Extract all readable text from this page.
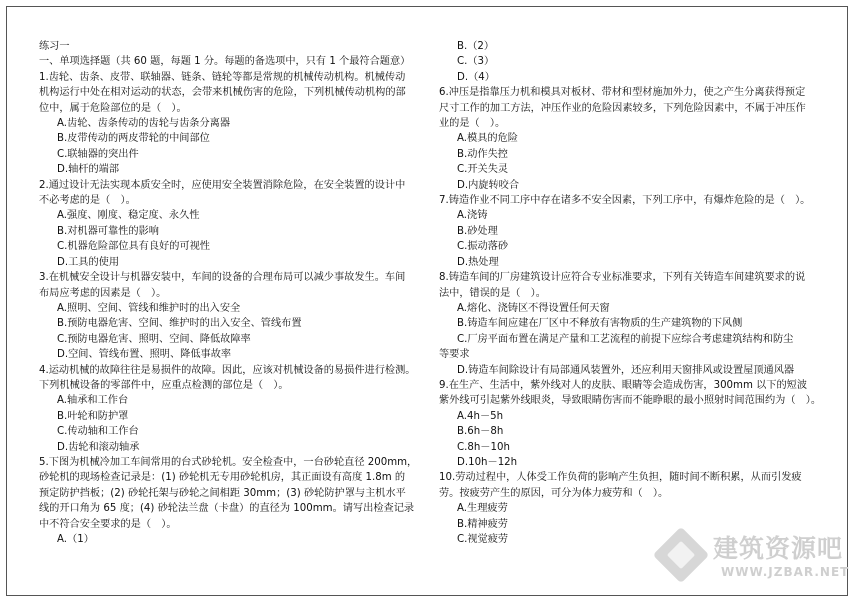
练习一

一、单项选择题（共 60 题，每题 1 分。每题的备选项中，只有 1 个最符合题意）

1.齿轮、齿条、皮带、联轴器、链条、链轮等都是常规的机械传动机构。机械传动

机构运行中处在相对运动的状态，会带来机械伤害的危险，下列机械传动机构的部

位中，属于危险部位的是（　）。

A.齿轮、齿条传动的齿轮与齿条分离器

B.皮带传动的两皮带轮的中间部位

C.联轴器的突出件

D.轴杆的端部

2.通过设计无法实现本质安全时，应使用安全装置消除危险，在安全装置的设计中

不必考虑的是（　）。

A.强度、刚度、稳定度、永久性

B.对机器可靠性的影响

C.机器危险部位具有良好的可视性

D.工具的使用

3.在机械安全设计与机器安装中，车间的设备的合理布局可以减少事故发生。车间

布局应考虑的因素是（　）。

A.照明、空间、管线和维护时的出入安全

B.预防电器危害、空间、维护时的出入安全、管线布置

C.预防电器危害、照明、空间、降低故障率

D.空间、管线布置、照明、降低事故率

4.运动机械的故障往往是易损件的故障。因此，应该对机械设备的易损件进行检测。

下列机械设备的零部件中，应重点检测的部位是（　）。

A.轴承和工作台

B.叶轮和防护罩

C.传动轴和工作台

D.齿轮和滚动轴承

5.下图为机械冷加工车间常用的台式砂轮机。安全检查中，一台砂轮直径 200mm，

砂轮机的现场检查记录是：(1) 砂轮机无专用砂轮机房，其正面设有高度 1.8m 的

预定防护挡板；(2) 砂轮托架与砂轮之间相距 30mm；(3) 砂轮防护罩与主机水平

线的开口角为 65 度；(4) 砂轮法兰盘（卡盘）的直径为 100mm。请写出检查记录

中不符合安全要求的是（　）。

A.（1）

B.（2）

C.（3）

D.（4）

6.冲压是指靠压力机和模具对板材、带材和型材施加外力，使之产生分离获得预定

尺寸工作的加工方法，冲压作业的危险因素较多，下列危险因素中，不属于冲压作

业的是（　）。

A.模具的危险

B.动作失控

C.开关失灵

D.内旋转咬合

7.铸造作业不同工序中存在诸多不安全因素，下列工序中，有爆炸危险的是（　）。

A.浇铸

B.砂处理

C.振动落砂

D.热处理

8.铸造车间的厂房建筑设计应符合专业标准要求，下列有关铸造车间建筑要求的说

法中，错误的是（　）。

A.熔化、浇铸区不得设置任何天窗

B.铸造车间应建在厂区中不释放有害物质的生产建筑物的下风侧

C.厂房平面布置在满足产量和工艺流程的前提下应综合考虑建筑结构和防尘

等要求

D.铸造车间除设计有局部通风装置外，还应利用天窗排风或设置屋顶通风器

9.在生产、生活中，紫外线对人的皮肤、眼睛等会造成伤害，300mm 以下的短波

紫外线可引起紫外线眼炎，导致眼睛伤害而不能睁眼的最小照射时间范围约为（　）。

A.4h－5h

B.6h－8h

C.8h－10h

D.10h－12h

10.劳动过程中，人体受工作负荷的影响产生负担，随时间不断积累，从而引发疲

劳。按疲劳产生的原因，可分为体力疲劳和（　）。

A.生理疲劳

B.精神疲劳

C.视觉疲劳	建筑资源吧
WWW.JZBAR.NET
